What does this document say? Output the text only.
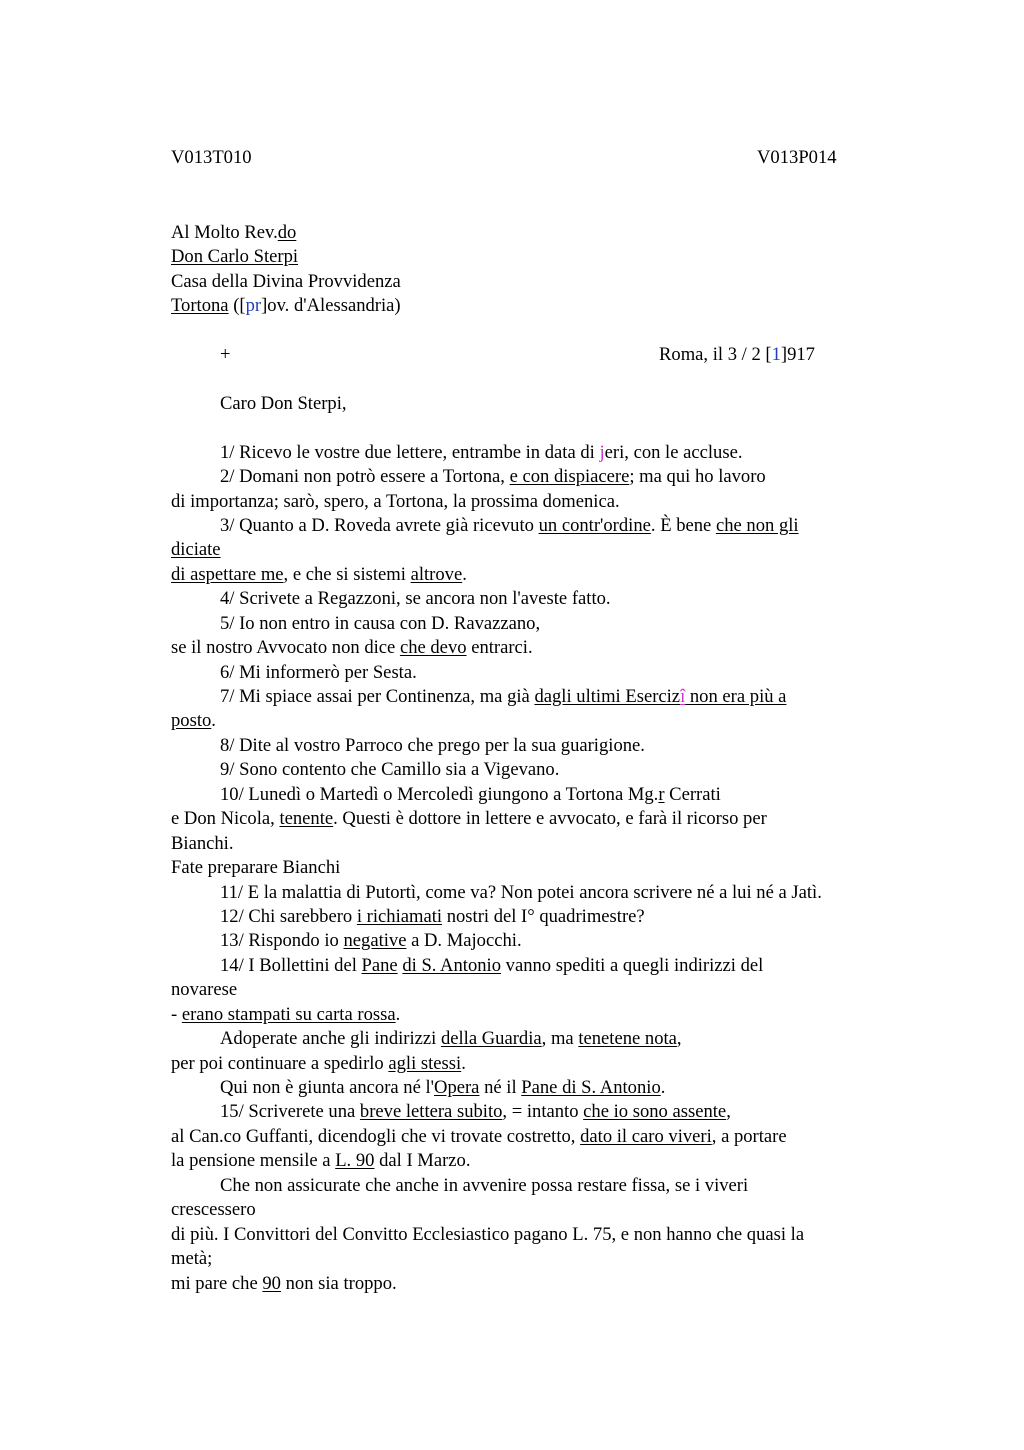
V013T010	V013P014
Al Molto Rev.do
Don Carlo Sterpi
Casa della Divina Provvidenza
Tortona ([pr]ov. d'Alessandria)
+	Roma, il 3 / 2 [1]917
Caro Don Sterpi,
1/ Ricevo le vostre due lettere, entrambe in data di jeri, con le accluse.
2/ Domani non potrò essere a Tortona, e con dispiacere; ma qui ho lavoro
di importanza; sarò, spero, a Tortona, la prossima domenica.
3/ Quanto a D. Roveda avrete già ricevuto un contr'ordine. È bene che non gli
diciate
di aspettare me, e che si sistemi altrove.
4/ Scrivete a Regazzoni, se ancora non l'aveste fatto.
5/ Io non entro in causa con D. Ravazzano,
se il nostro Avvocato non dice che devo entrarci.
6/ Mi informerò per Sesta.
7/ Mi spiace assai per Continenza, ma già dagli ultimi Esercizî non era più a
posto.
8/ Dite al vostro Parroco che prego per la sua guarigione.
9/ Sono contento che Camillo sia a Vigevano.
10/ Lunedì o Martedì o Mercoledì giungono a Tortona Mg.r Cerrati
e Don Nicola, tenente. Questi è dottore in lettere e avvocato, e farà il ricorso per
Bianchi.
Fate preparare Bianchi
11/ E la malattia di Putortì, come va? Non potei ancora scrivere né a lui né a Jatì.
12/ Chi sarebbero i richiamati nostri del I° quadrimestre?
13/ Rispondo io negative a D. Majocchi.
14/ I Bollettini del Pane di S. Antonio vanno spediti a quegli indirizzi del
novarese
- erano stampati su carta rossa.
Adoperate anche gli indirizzi della Guardia, ma tenetene nota,
per poi continuare a spedirlo agli stessi.
Qui non è giunta ancora né l'Opera né il Pane di S. Antonio.
15/ Scriverete una breve lettera subito, = intanto che io sono assente,
al Can.co Guffanti, dicendogli che vi trovate costretto, dato il caro viveri, a portare
la pensione mensile a L. 90 dal I Marzo.
Che non assicurate che anche in avvenire possa restare fissa, se i viveri
crescessero
di più. I Convittori del Convitto Ecclesiastico pagano L. 75, e non hanno che quasi la
metà;
mi pare che 90 non sia troppo.
